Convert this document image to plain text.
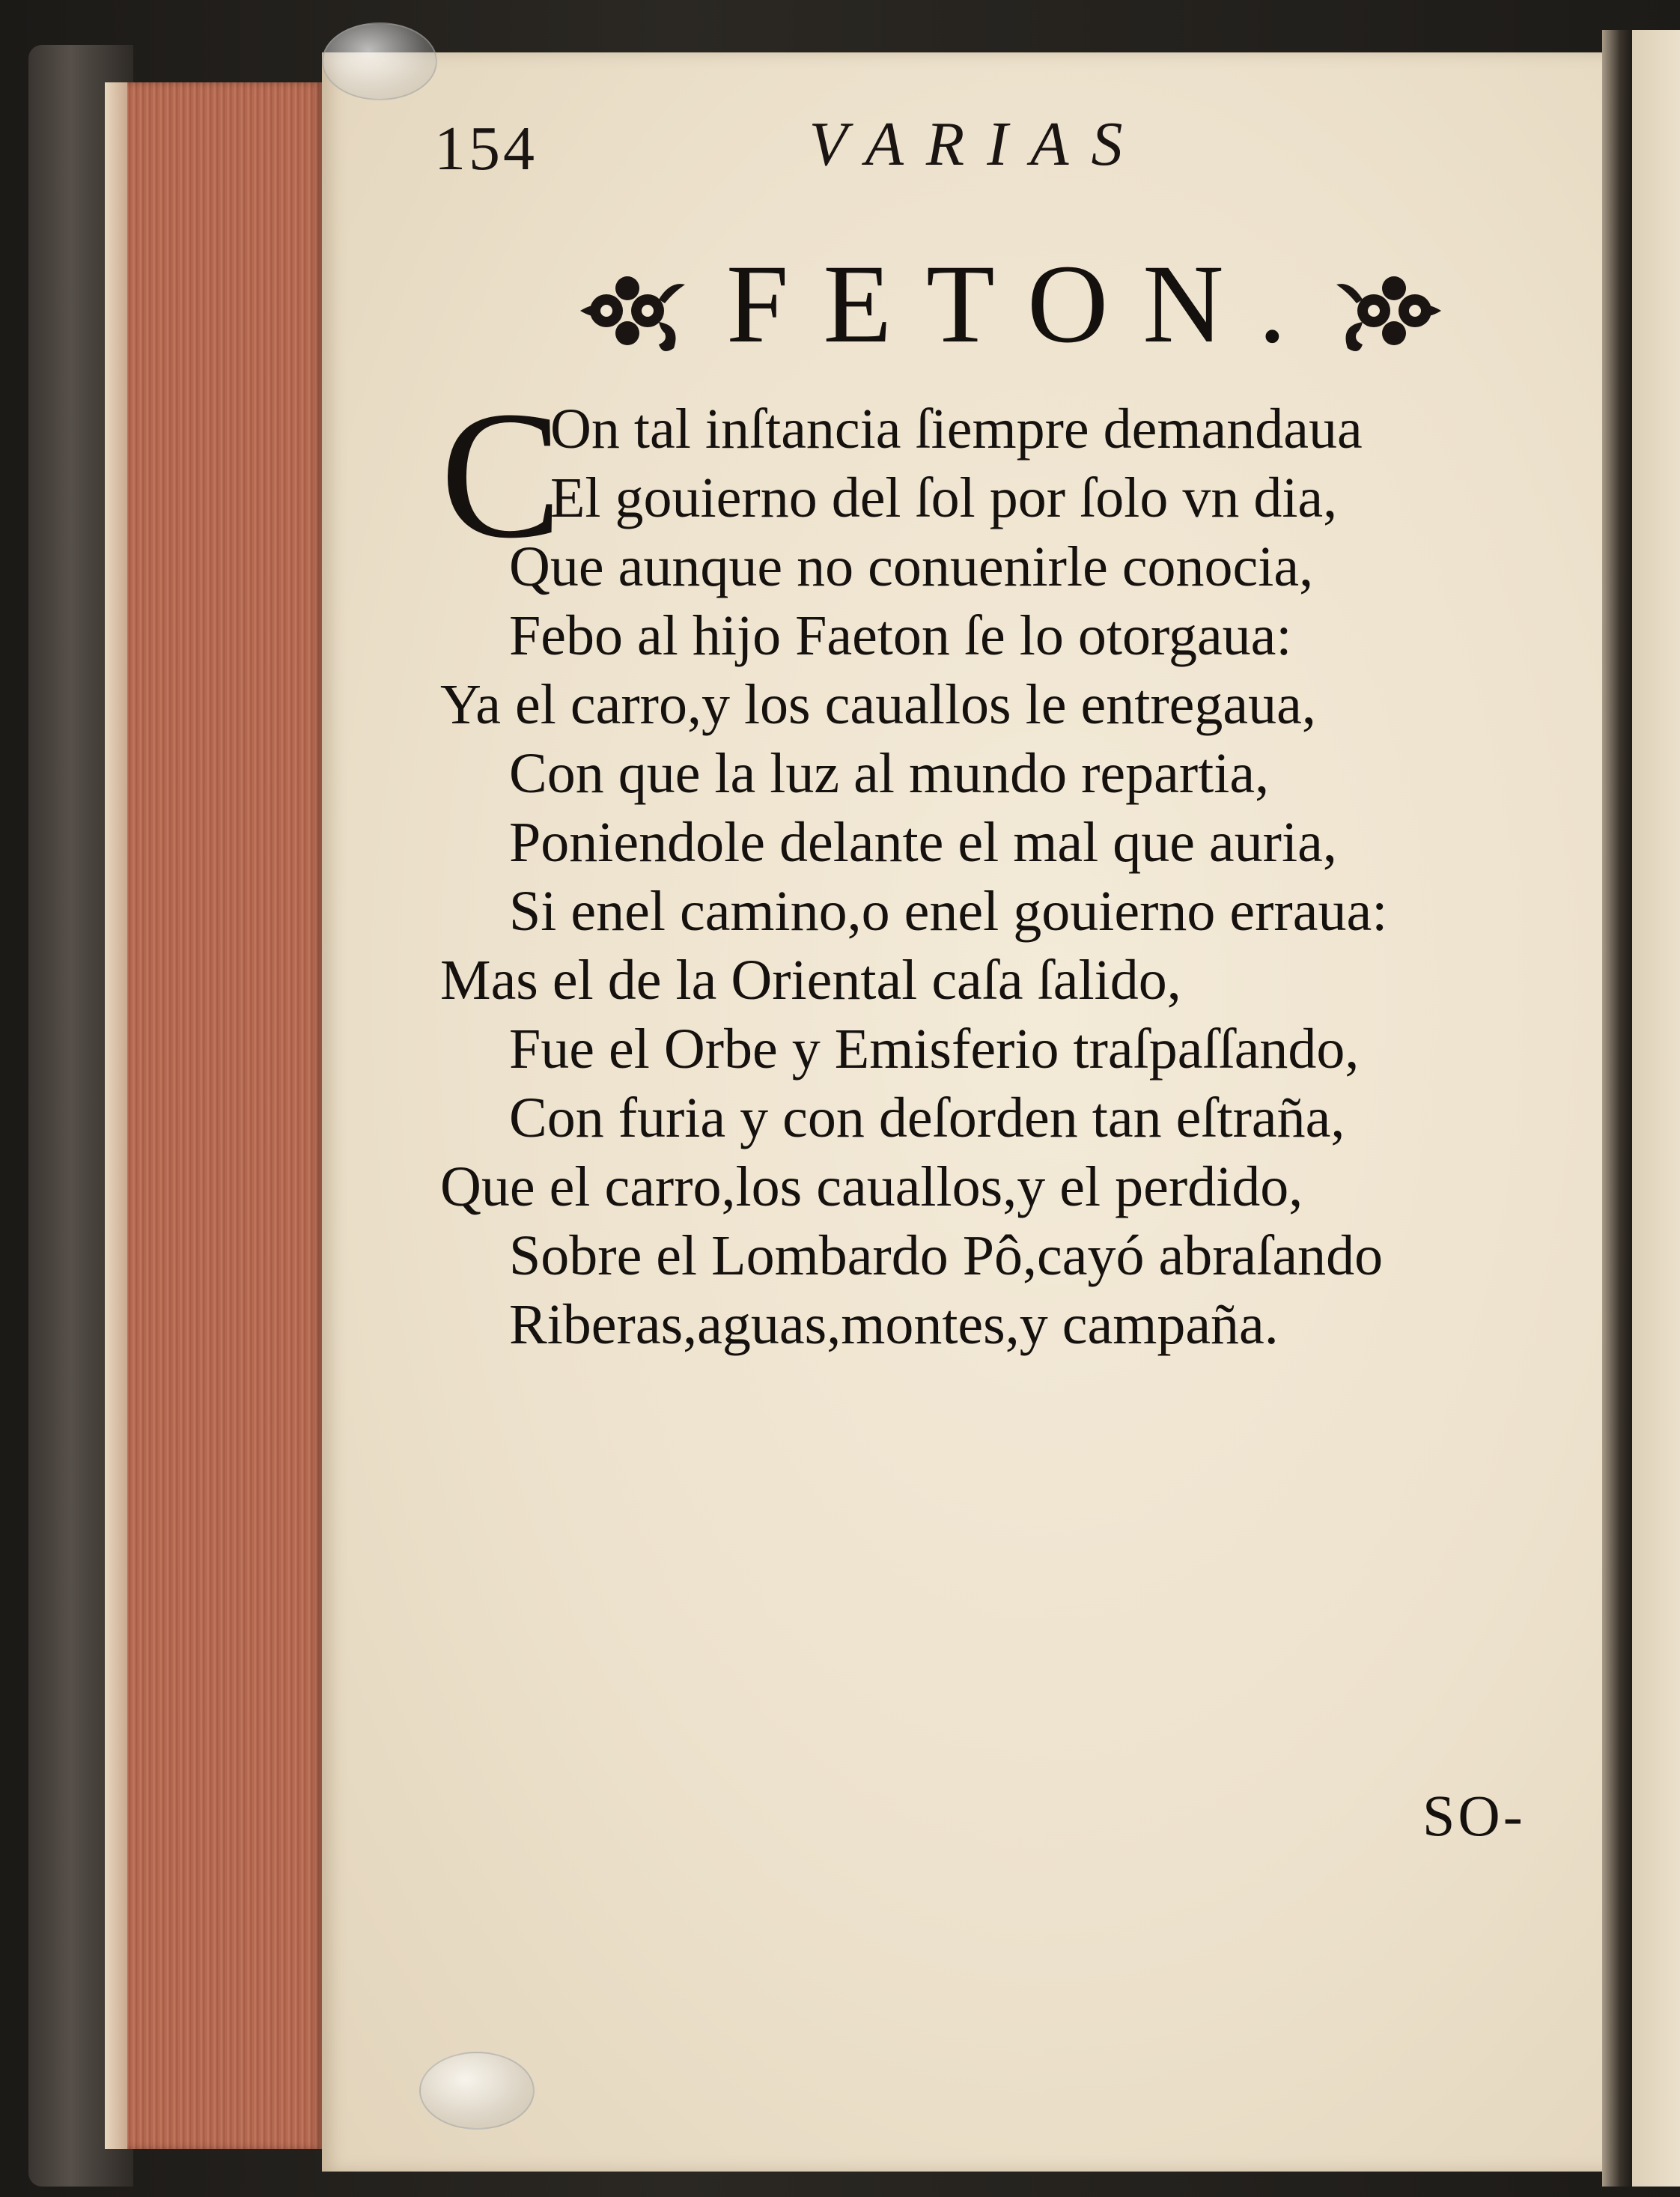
154	VARIAS
FETON.
C
On tal inſtancia ſiempre demandaua
El gouierno del ſol por ſolo vn dia,
Que aunque no conuenirle conocia,
Febo al hijo Faeton ſe lo otorgaua:
Ya el carro,y los cauallos le entregaua,
Con que la luz al mundo repartia,
Poniendole delante el mal que auria,
Si enel camino,o enel gouierno erraua:
Mas el de la Oriental caſa ſalido,
Fue el Orbe y Emisferio traſpaſſando,
Con furia y con deſorden tan eſtraña,
Que el carro,los cauallos,y el perdido,
Sobre el Lombardo Pô,cayó abraſando
Riberas,aguas,montes,y campaña.
SO-
